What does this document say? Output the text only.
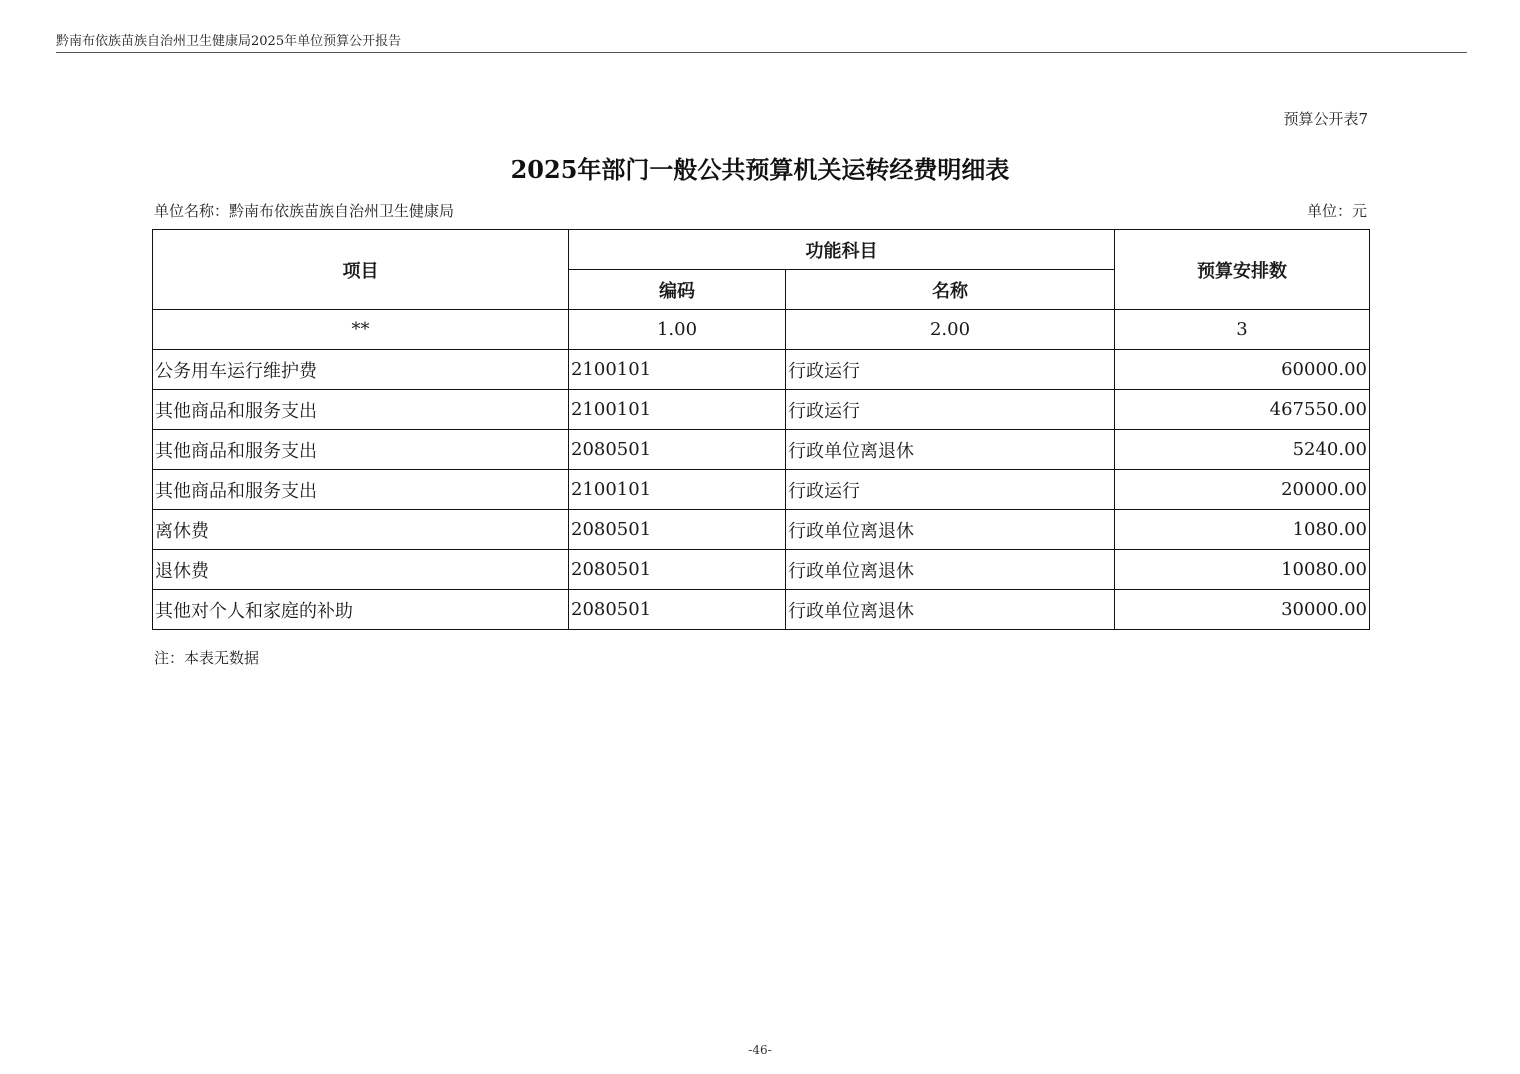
黔南布依族苗族自治州卫生健康局2025年单位预算公开报告
预算公开表7
2025年部门一般公共预算机关运转经费明细表
单位名称：黔南布依族苗族自治州卫生健康局	单位：元
项目	功能科目		预算安排数
	编码	名称	
**	1.00	2.00	3
公务用车运行维护费	2100101	行政运行	60000.00
其他商品和服务支出	2100101	行政运行	467550.00
其他商品和服务支出	2080501	行政单位离退休	5240.00
其他商品和服务支出	2100101	行政运行	20000.00
离休费	2080501	行政单位离退休	1080.00
退休费	2080501	行政单位离退休	10080.00
其他对个人和家庭的补助	2080501	行政单位离退休	30000.00
注：本表无数据
-46-
